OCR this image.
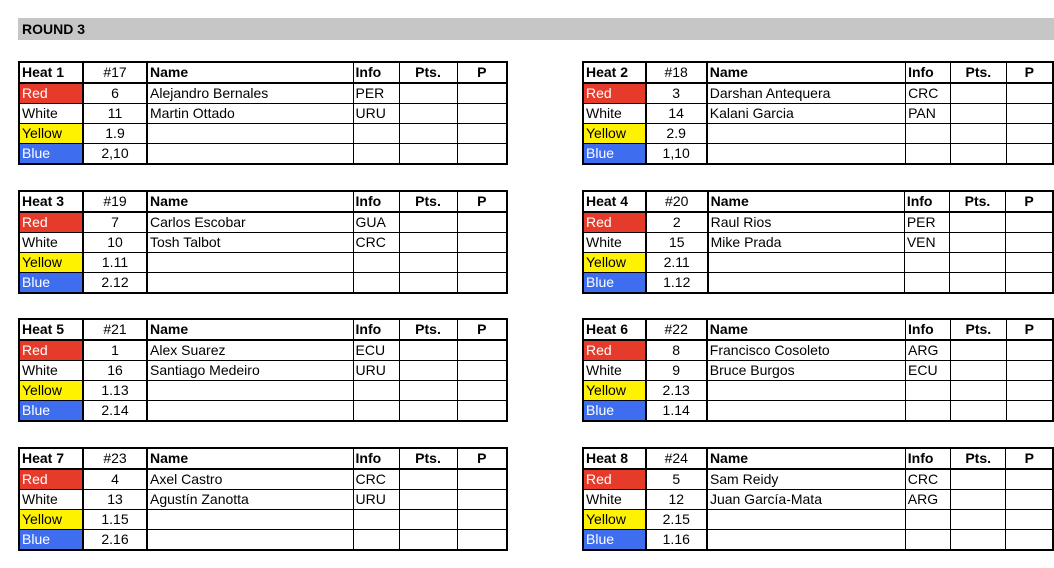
ROUND 3
Heat 1	#17	Name	Info	Pts.	P
Red	6	Alejandro Bernales	PER		
White	11	Martin Ottado	URU		
Yellow	1.9				
Blue	2,10				
Heat 2	#18	Name	Info	Pts.	P
Red	3	Darshan Antequera	CRC		
White	14	Kalani Garcia	PAN		
Yellow	2.9				
Blue	1,10				
Heat 3	#19	Name	Info	Pts.	P
Red	7	Carlos Escobar	GUA		
White	10	Tosh Talbot	CRC		
Yellow	1.11				
Blue	2.12				
Heat 4	#20	Name	Info	Pts.	P
Red	2	Raul Rios	PER		
White	15	Mike Prada	VEN		
Yellow	2.11				
Blue	1.12				
Heat 5	#21	Name	Info	Pts.	P
Red	1	Alex Suarez	ECU		
White	16	Santiago Medeiro	URU		
Yellow	1.13				
Blue	2.14				
Heat 6	#22	Name	Info	Pts.	P
Red	8	Francisco Cosoleto	ARG		
White	9	Bruce Burgos	ECU		
Yellow	2.13				
Blue	1.14				
Heat 7	#23	Name	Info	Pts.	P
Red	4	Axel Castro	CRC		
White	13	Agustín Zanotta	URU		
Yellow	1.15				
Blue	2.16				
Heat 8	#24	Name	Info	Pts.	P
Red	5	Sam Reidy	CRC		
White	12	Juan García-Mata	ARG		
Yellow	2.15				
Blue	1.16				
